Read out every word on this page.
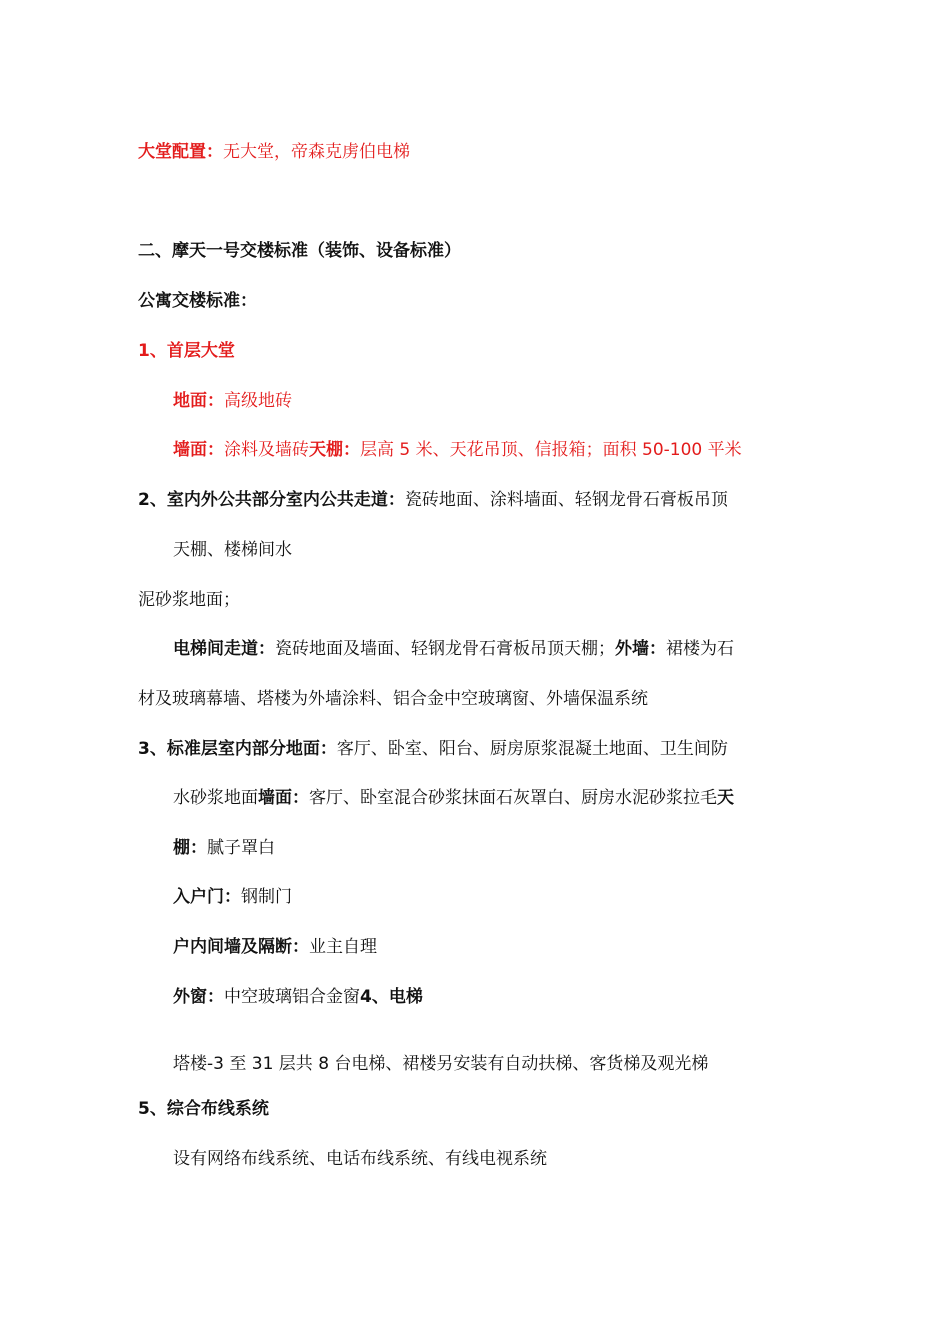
大堂配置：无大堂，帝森克虏伯电梯
二、摩天一号交楼标准（装饰、设备标准）
公寓交楼标准：
1、首层大堂
地面：高级地砖
墙面：涂料及墙砖天棚：层高 5 米、天花吊顶、信报箱；面积 50-100 平米
2、室内外公共部分室内公共走道：瓷砖地面、涂料墙面、轻钢龙骨石膏板吊顶
天棚、楼梯间水
泥砂浆地面；
电梯间走道：瓷砖地面及墙面、轻钢龙骨石膏板吊顶天棚；外墙：裙楼为石
材及玻璃幕墙、塔楼为外墙涂料、铝合金中空玻璃窗、外墙保温系统
3、标准层室内部分地面：客厅、卧室、阳台、厨房原浆混凝土地面、卫生间防
水砂浆地面墙面：客厅、卧室混合砂浆抹面石灰罩白、厨房水泥砂浆拉毛天
棚：腻子罩白
入户门：钢制门
户内间墙及隔断：业主自理
外窗：中空玻璃铝合金窗4、电梯
塔楼-3 至 31 层共 8 台电梯、裙楼另安装有自动扶梯、客货梯及观光梯
5、综合布线系统
设有网络布线系统、电话布线系统、有线电视系统
